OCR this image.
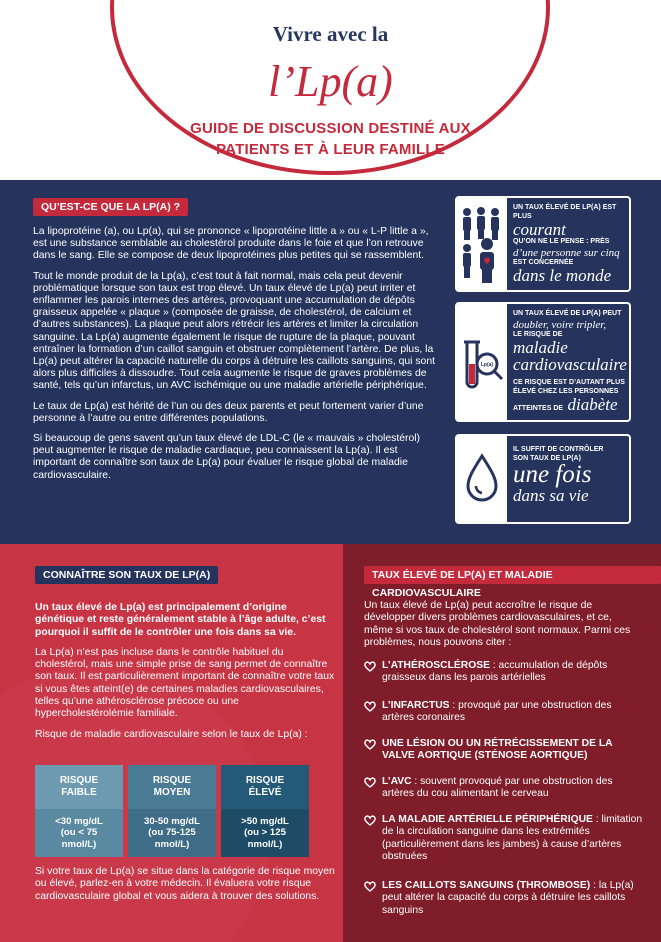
Vivre avec la
l’Lp(a)
GUIDE DE DISCUSSION DESTINÉ AUX
PATIENTS ET À LEUR FAMILLE
QU’EST-CE QUE LA LP(A) ?

La lipoprotéine (a), ou Lp(a), qui se prononce « lipoprotéine little a » ou « L-P little a », est une substance semblable au cholestérol produite dans le foie et que l’on retrouve dans le sang. Elle se compose de deux lipoprotéines plus petites qui se rassemblent.

Tout le monde produit de la Lp(a), c’est tout à fait normal, mais cela peut devenir problématique lorsque son taux est trop élevé. Un taux élevé de Lp(a) peut irriter et enflammer les parois internes des artères, provoquant une accumulation de dépôts graisseux appelée « plaque » (composée de graisse, de cholestérol, de calcium et d’autres substances). La plaque peut alors rétrécir les artères et limiter la circulation sanguine. La Lp(a) augmente également le risque de rupture de la plaque, pouvant entraîner la formation d’un caillot sanguin et obstruer complètement l’artère. De plus, la Lp(a) peut altérer la capacité naturelle du corps à détruire les caillots sanguins, qui sont alors plus difficiles à dissoudre. Tout cela augmente le risque de graves problèmes de santé, tels qu’un infarctus, un AVC ischémique ou une maladie artérielle périphérique.

Le taux de Lp(a) est hérité de l’un ou des deux parents et peut fortement varier d’une personne à l’autre ou entre différentes populations.

Si beaucoup de gens savent qu’un taux élevé de LDL-C (le « mauvais » cholestérol) peut augmenter le risque de maladie cardiaque, peu connaissent la Lp(a). Il est important de connaître son taux de Lp(a) pour évaluer le risque global de maladie cardiovasculaire.

UN TAUX ÉLEVÉ DE LP(A) EST PLUS
courant
QU’ON NE LE PENSE : PRÈS
d’une personne sur cinq
EST CONCERNÉE
dans le monde
Lp(a)
UN TAUX ÉLEVÉ DE LP(A) PEUT
doubler, voire tripler,
LE RISQUE DE
maladie
cardiovasculaire
CE RISQUE EST D’AUTANT PLUS ÉLEVÉ CHEZ LES PERSONNES
ATTEINTES DE diabète
IL SUFFIT DE CONTRÔLER
SON TAUX DE LP(A)
une fois
dans sa vie
CONNAÎTRE SON TAUX DE LP(A)

Un taux élevé de Lp(a) est principalement d’origine génétique et reste généralement stable à l’âge adulte, c’est pourquoi il suffit de le contrôler une fois dans sa vie.

La Lp(a) n’est pas incluse dans le contrôle habituel du cholestérol, mais une simple prise de sang permet de connaître son taux. Il est particulièrement important de connaître votre taux si vous êtes atteint(e) de certaines maladies cardiovasculaires, telles qu’une athérosclérose précoce ou une hypercholestérolémie familiale.

Risque de maladie cardiovasculaire selon le taux de Lp(a) :

RISQUE
FAIBLE
<30 mg/dL
(ou < 75
nmol/L)
RISQUE
MOYEN
30-50 mg/dL
(ou 75-125
nmol/L)
RISQUE
ÉLEVÉ
>50 mg/dL
(ou > 125
nmol/L)
Si votre taux de Lp(a) se situe dans la catégorie de risque moyen ou élevé, parlez-en à votre médecin. Il évaluera votre risque cardiovasculaire global et vous aidera à trouver des solutions.
TAUX ÉLEVÉ DE LP(A) ET MALADIE CARDIOVASCULAIRE
Un taux élevé de Lp(a) peut accroître le risque de développer divers problèmes cardiovasculaires, et ce, même si vos taux de cholestérol sont normaux. Parmi ces problèmes, nous pouvons citer :
L’ATHÉROSCLÉROSE : accumulation de dépôts graisseux dans les parois artérielles
L’INFARCTUS : provoqué par une obstruction des artères coronaires
UNE LÉSION OU UN RÉTRÉCISSEMENT DE LA VALVE AORTIQUE (STÉNOSE AORTIQUE)
L’AVC : souvent provoqué par une obstruction des artères du cou alimentant le cerveau
LA MALADIE ARTÉRIELLE PÉRIPHÉRIQUE : limitation de la circulation sanguine dans les extrémités (particulièrement dans les jambes) à cause d’artères obstruées
LES CAILLOTS SANGUINS (THROMBOSE) : la Lp(a) peut altérer la capacité du corps à détruire les caillots sanguins
